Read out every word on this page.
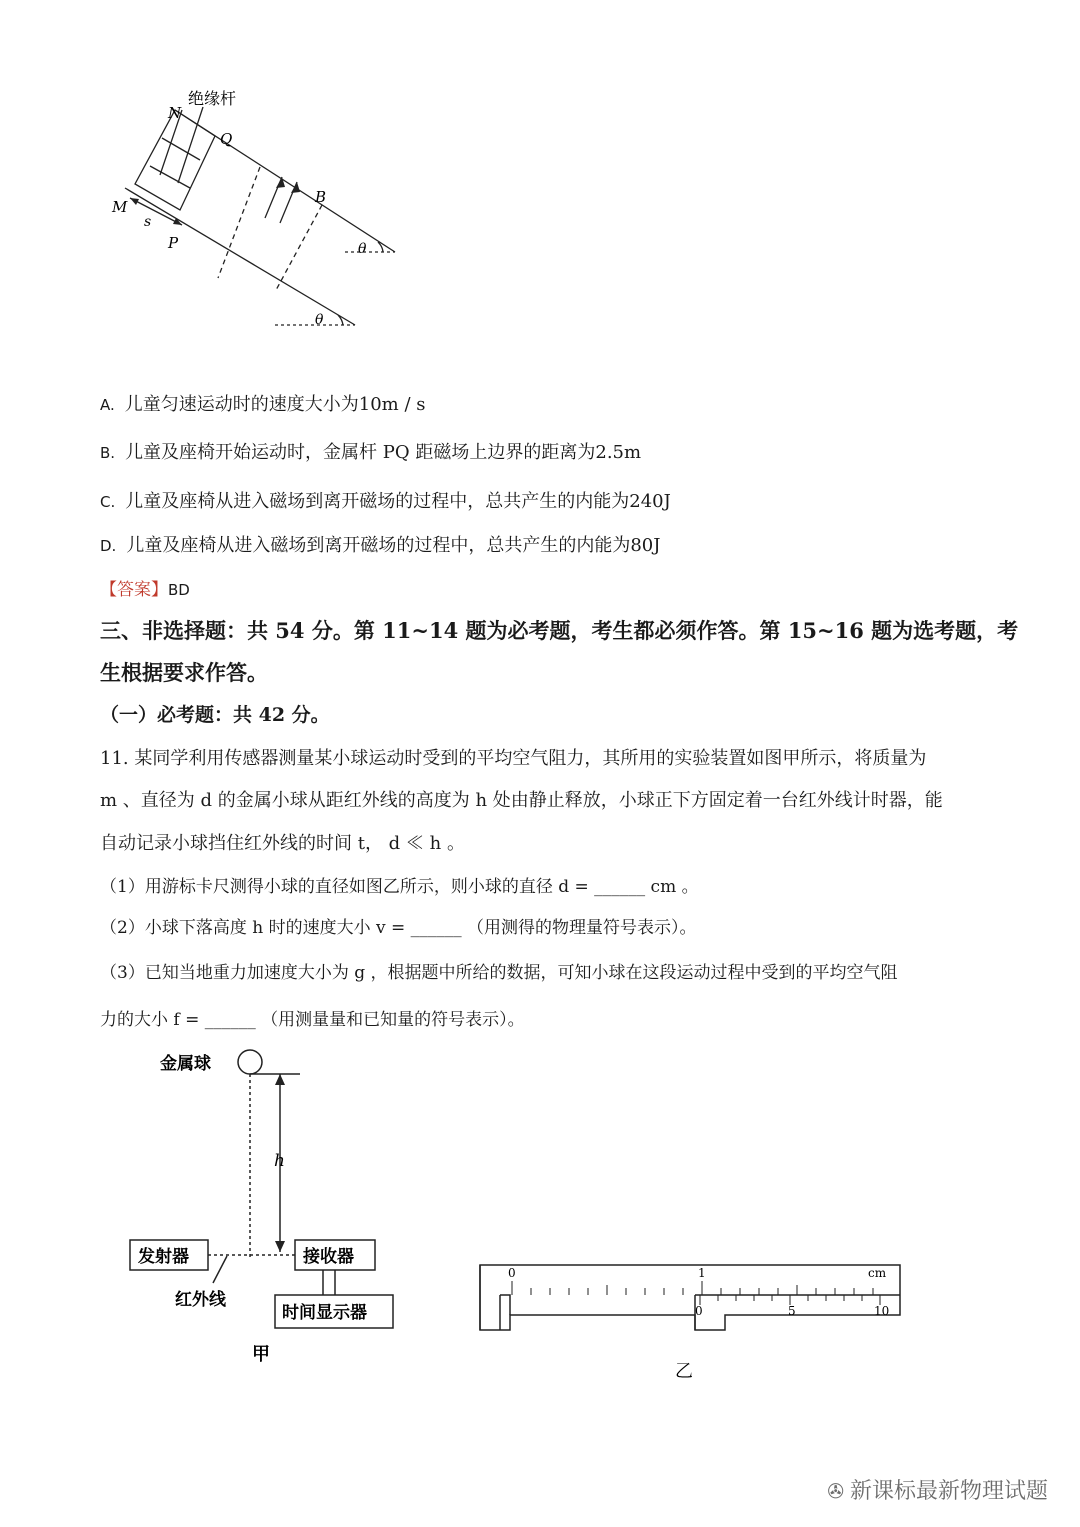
绝缘杆
N
Q
M
s
P
B
θ
θ
A. 儿童匀速运动时的速度大小为10m / s
B. 儿童及座椅开始运动时，金属杆 PQ 距磁场上边界的距离为2.5m
C. 儿童及座椅从进入磁场到离开磁场的过程中，总共产生的内能为240J
D. 儿童及座椅从进入磁场到离开磁场的过程中，总共产生的内能为80J
【答案】BD
三、非选择题：共 54 分。第 11~14 题为必考题，考生都必须作答。第 15~16 题为选考题，考
生根据要求作答。
（一）必考题：共 42 分。
11. 某同学利用传感器测量某小球运动时受到的平均空气阻力，其所用的实验装置如图甲所示，将质量为
m 、直径为 d 的金属小球从距红外线的高度为 h 处由静止释放，小球正下方固定着一台红外线计时器，能
自动记录小球挡住红外线的时间 t， d ≪ h 。
（1）用游标卡尺测得小球的直径如图乙所示，则小球的直径 d = ______ cm 。
（2）小球下落高度 h 时的速度大小 v = ______ （用测得的物理量符号表示）。
（3）已知当地重力加速度大小为 g ，根据题中所给的数据，可知小球在这段运动过程中受到的平均空气阻
力的大小 f = ______ （用测量量和已知量的符号表示）。
金属球
h
发射器	接收器
红外线
时间显示器
甲
0	1	cm
0	5	10
乙
✇ 新课标最新物理试题
